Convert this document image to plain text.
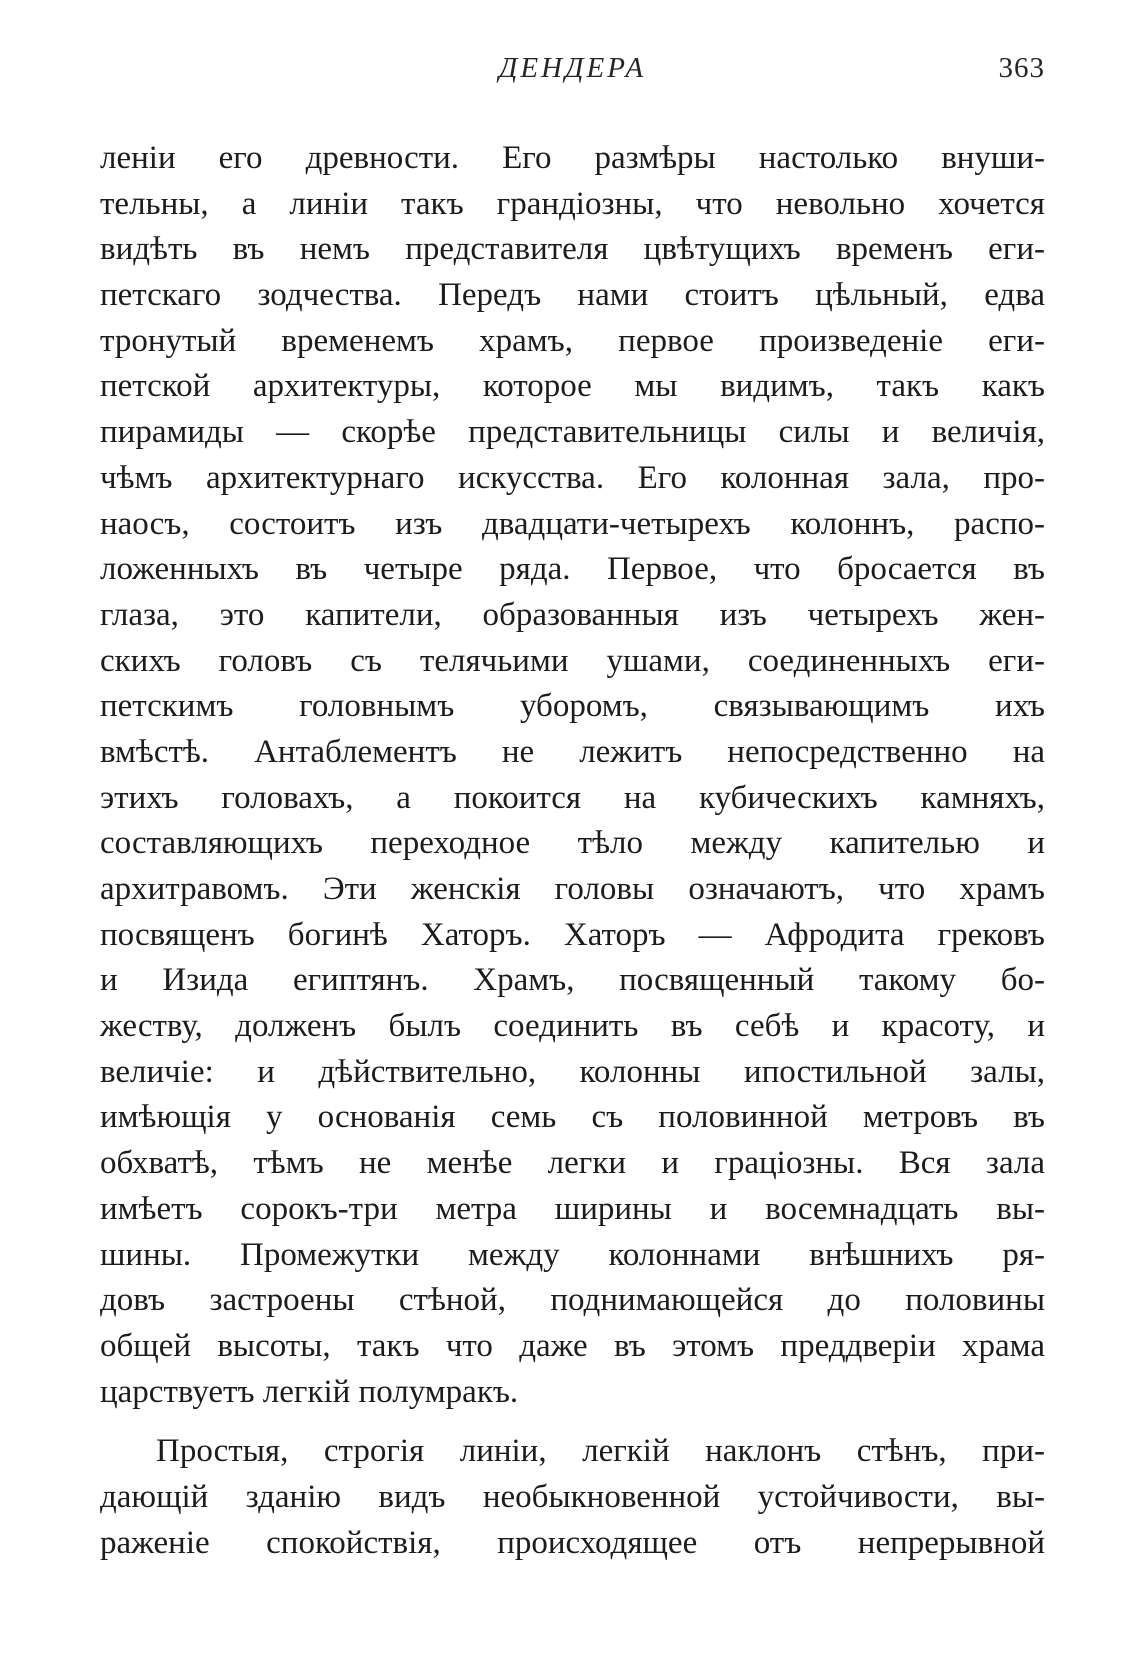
ДЕНДЕРА	363
леніи его древности. Его размѣры настолько внуши-
тельны, а линіи такъ грандіозны, что невольно хочется
видѣть въ немъ представителя цвѣтущихъ временъ еги-
петскаго зодчества. Передъ нами стоитъ цѣльный, едва
тронутый временемъ храмъ, первое произведеніе еги-
петской архитектуры, которое мы видимъ, такъ какъ
пирамиды — скорѣе представительницы силы и величія,
чѣмъ архитектурнаго искусства. Его колонная зала, про-
наосъ, состоитъ изъ двадцати-четырехъ колоннъ, распо-
ложенныхъ въ четыре ряда. Первое, что бросается въ
глаза, это капители, образованныя изъ четырехъ жен-
скихъ головъ съ телячьими ушами, соединенныхъ еги-
петскимъ головнымъ уборомъ, связывающимъ ихъ
вмѣстѣ. Антаблементъ не лежитъ непосредственно на
этихъ головахъ, а покоится на кубическихъ камняхъ,
составляющихъ переходное тѣло между капителью и
архитравомъ. Эти женскія головы означаютъ, что храмъ
посвященъ богинѣ Хаторъ. Хаторъ — Афродита грековъ
и Изида египтянъ. Храмъ, посвященный такому бо-
жеству, долженъ былъ соединить въ себѣ и красоту, и
величіе: и дѣйствительно, колонны ипостильной залы,
имѣющія у основанія семь съ половинной метровъ въ
обхватѣ, тѣмъ не менѣе легки и граціозны. Вся зала
имѣетъ сорокъ-три метра ширины и восемнадцать вы-
шины. Промежутки между колоннами внѣшнихъ ря-
довъ застроены стѣной, поднимающейся до половины
общей высоты, такъ что даже въ этомъ преддверіи храма
царствуетъ легкій полумракъ.
Простыя, строгія линіи, легкій наклонъ стѣнъ, при-
дающій зданію видъ необыкновенной устойчивости, вы-
раженіе спокойствія, происходящее отъ непрерывной
